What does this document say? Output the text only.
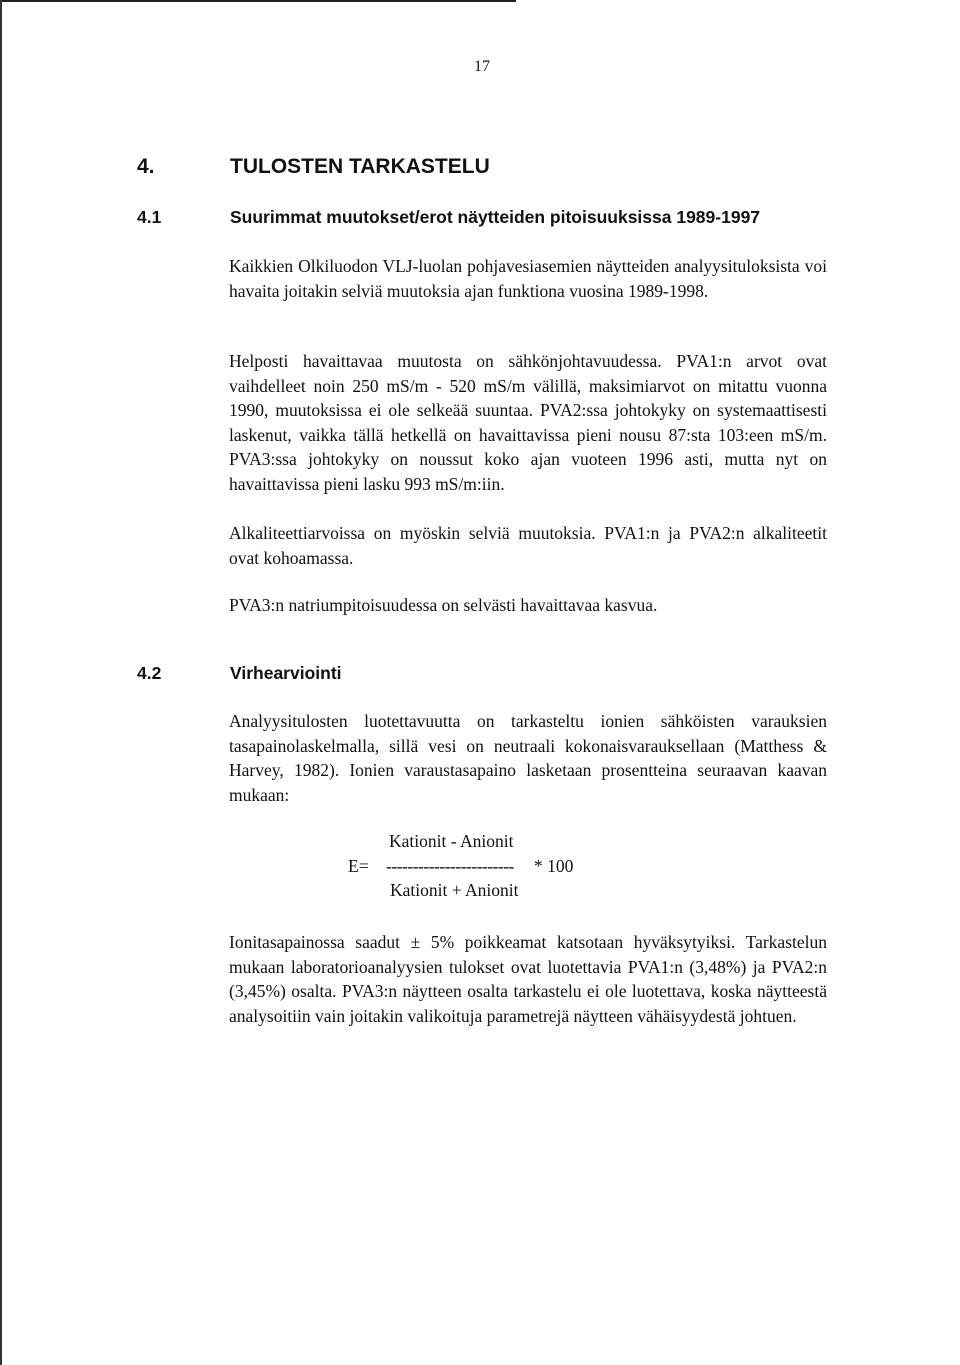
17
4.	TULOSTEN TARKASTELU
4.1	Suurimmat muutokset/erot näytteiden pitoisuuksissa 1989-1997
Kaikkien Olkiluodon VLJ-luolan pohjavesiasemien näytteiden analyysituloksista voi havaita joitakin selviä muutoksia ajan funktiona vuosina 1989-1998.
Helposti havaittavaa muutosta on sähkönjohtavuudessa. PVA1:n arvot ovat vaihdelleet noin 250 mS/m - 520 mS/m välillä, maksimiarvot on mitattu vuonna 1990, muutoksissa ei ole selkeää suuntaa. PVA2:ssa johtokyky on systemaattisesti laskenut, vaikka tällä hetkellä on havaittavissa pieni nousu 87:sta 103:een mS/m. PVA3:ssa johtokyky on noussut koko ajan vuoteen 1996 asti, mutta nyt on havaittavissa pieni lasku 993 mS/m:iin.
Alkaliteettiarvoissa on myöskin selviä muutoksia. PVA1:n ja PVA2:n alkaliteetit ovat kohoamassa.
PVA3:n natriumpitoisuudessa on selvästi havaittavaa kasvua.
4.2	Virhearviointi
Analyysitulosten luotettavuutta on tarkasteltu ionien sähköisten varauksien tasapainolaskelmalla, sillä vesi on neutraali kokonaisvarauksellaan (Matthess & Harvey, 1982). Ionien varaustasapaino lasketaan prosentteina seuraavan kaavan mukaan:
Kationit - Anionit
E= ------------------------ * 100
Kationit + Anionit
Ionitasapainossa saadut ± 5% poikkeamat katsotaan hyväksytyiksi. Tarkastelun mukaan laboratorioanalyysien tulokset ovat luotettavia PVA1:n (3,48%) ja PVA2:n (3,45%) osalta. PVA3:n näytteen osalta tarkastelu ei ole luotettava, koska näytteestä analysoitiin vain joitakin valikoituja parametrejä näytteen vähäisyydestä johtuen.
